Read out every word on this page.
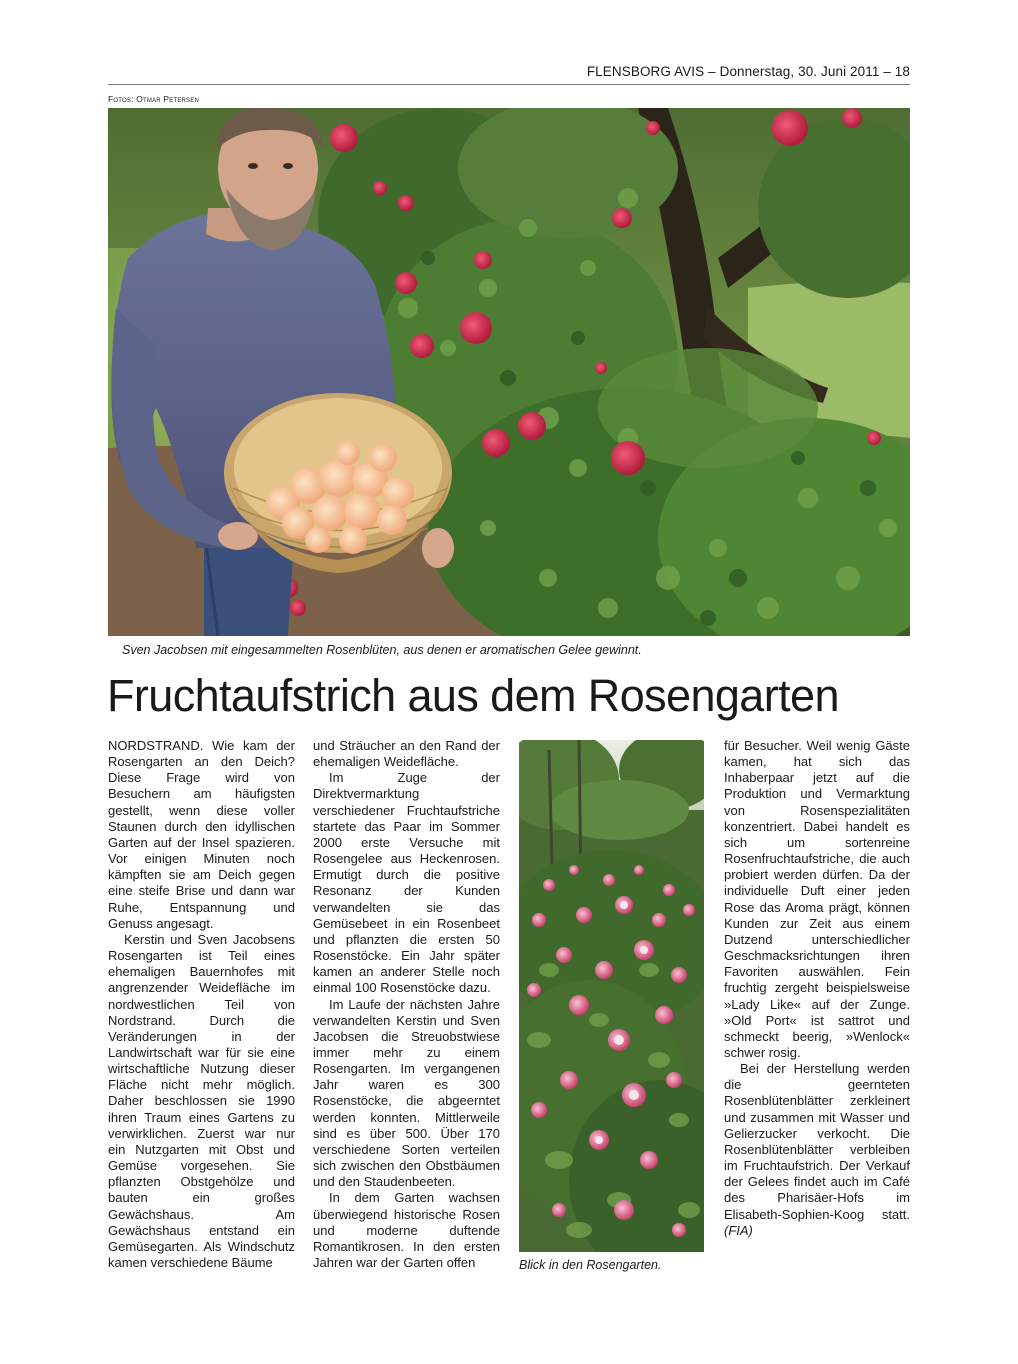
FLENSBORG AVIS – Donnerstag, 30. Juni 2011 – 18
Fotos: Otmar Petersen
Sven Jacobsen mit eingesammelten Rosenblüten, aus denen er aromatischen Gelee gewinnt.
Fruchtaufstrich aus dem Rosengarten

NORDSTRAND. Wie kam der Rosengarten an den Deich? Diese Frage wird von Besuchern am häufigsten gestellt, wenn diese voller Staunen durch den idyllischen Garten auf der Insel spazieren. Vor einigen Minuten noch kämpften sie am Deich gegen eine steife Brise und dann war Ruhe, Entspannung und Genuss angesagt.

Kerstin und Sven Jacobsens Rosengarten ist Teil eines ehemaligen Bauernhofes mit angrenzender Weidefläche im nordwestlichen Teil von Nordstrand. Durch die Veränderungen in der Landwirtschaft war für sie eine wirtschaftliche Nutzung dieser Fläche nicht mehr möglich. Daher beschlossen sie 1990 ihren Traum eines Gartens zu verwirklichen. Zuerst war nur ein Nutzgarten mit Obst und Gemüse vorgesehen. Sie pflanzten Obstgehölze und bauten ein großes Gewächshaus. Am Gewächshaus entstand ein Gemüsegarten. Als Windschutz kamen verschiedene Bäume

und Sträucher an den Rand der ehemaligen Weidefläche.

Im Zuge der Direktvermarktung verschiedener Fruchtaufstriche startete das Paar im Sommer 2000 erste Versuche mit Rosengelee aus Heckenrosen. Ermutigt durch die positive Resonanz der Kunden verwandelten sie das Gemüsebeet in ein Rosenbeet und pflanzten die ersten 50 Rosenstöcke. Ein Jahr später kamen an anderer Stelle noch einmal 100 Rosenstöcke dazu.

Im Laufe der nächsten Jahre verwandelten Kerstin und Sven Jacobsen die Streuobstwiese immer mehr zu einem Rosengarten. Im vergangenen Jahr waren es 300 Rosenstöcke, die abgeerntet werden konnten. Mittlerweile sind es über 500. Über 170 verschiedene Sorten verteilen sich zwischen den Obstbäumen und den Staudenbeeten.

In dem Garten wachsen überwiegend historische Rosen und moderne duftende Romantikrosen. In den ersten Jahren war der Garten offen	Blick in den Rosengarten.

für Besucher. Weil wenig Gäste kamen, hat sich das Inhaberpaar jetzt auf die Produktion und Vermarktung von Rosenspezialitäten konzentriert. Dabei handelt es sich um sortenreine Rosenfruchtaufstriche, die auch probiert werden dürfen. Da der individuelle Duft einer jeden Rose das Aroma prägt, können Kunden zur Zeit aus einem Dutzend unterschiedlicher Geschmacksrichtungen ihren Favoriten auswählen. Fein fruchtig zergeht beispielsweise »Lady Like« auf der Zunge. »Old Port« ist sattrot und schmeckt beerig, »Wenlock« schwer rosig.

Bei der Herstellung werden die geernteten Rosenblütenblätter zerkleinert und zusammen mit Wasser und Gelierzucker verkocht. Die Rosenblütenblätter verbleiben im Fruchtaufstrich. Der Verkauf der Gelees findet auch im Café des Pharisäer-Hofs im Elisabeth-Sophien-Koog statt. (FIA)
